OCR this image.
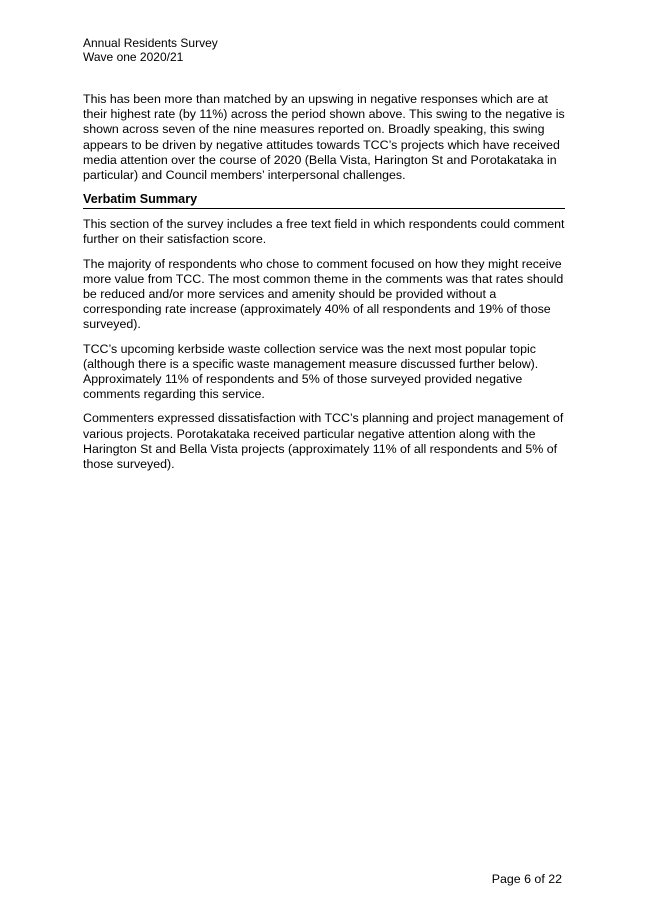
Annual Residents Survey
Wave one 2020/21

This has been more than matched by an upswing in negative responses which are at their highest rate (by 11%) across the period shown above. This swing to the negative is shown across seven of the nine measures reported on. Broadly speaking, this swing appears to be driven by negative attitudes towards TCC’s projects which have received media attention over the course of 2020 (Bella Vista, Harington St and Porotakataka in particular) and Council members’ interpersonal challenges.

Verbatim Summary

This section of the survey includes a free text field in which respondents could comment further on their satisfaction score.

The majority of respondents who chose to comment focused on how they might receive more value from TCC. The most common theme in the comments was that rates should be reduced and/or more services and amenity should be provided without a corresponding rate increase (approximately 40% of all respondents and 19% of those surveyed).

TCC’s upcoming kerbside waste collection service was the next most popular topic (although there is a specific waste management measure discussed further below). Approximately 11% of respondents and 5% of those surveyed provided negative comments regarding this service.

Commenters expressed dissatisfaction with TCC’s planning and project management of various projects. Porotakataka received particular negative attention along with the Harington St and Bella Vista projects (approximately 11% of all respondents and 5% of those surveyed).

Page 6 of 22
